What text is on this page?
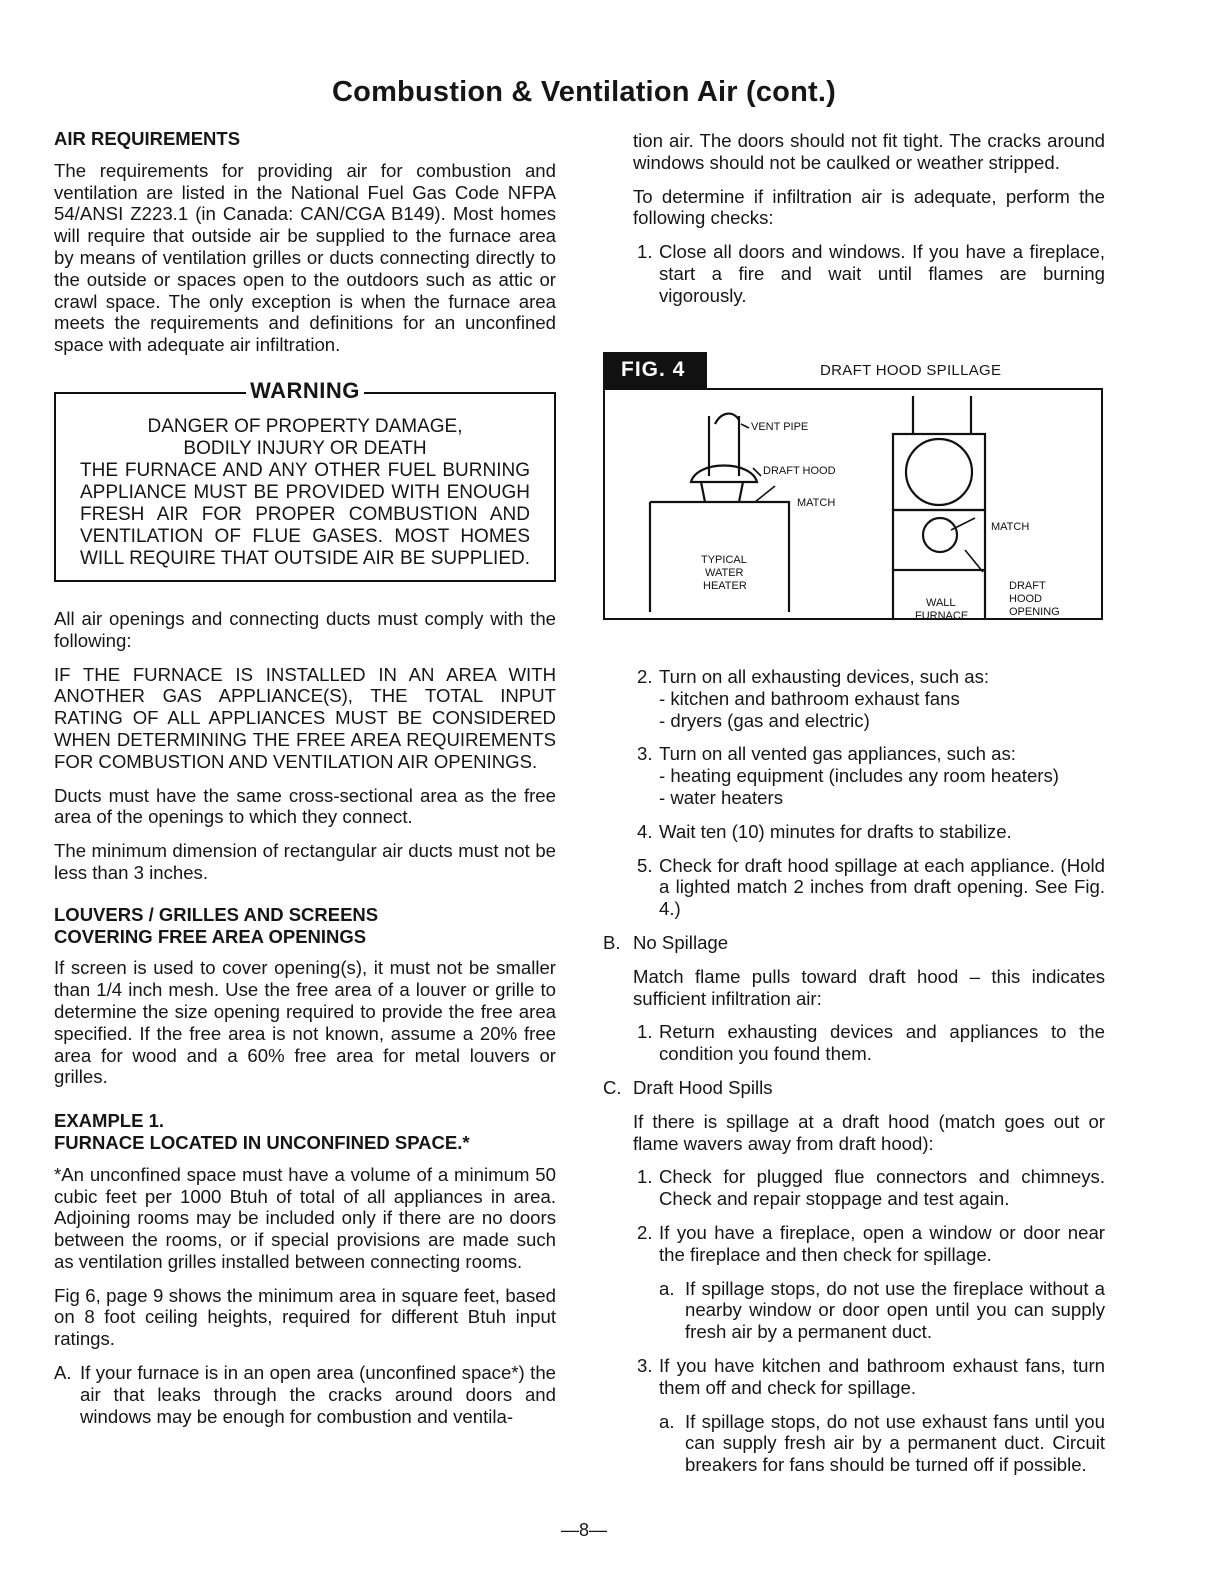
Combustion & Ventilation Air (cont.)
AIR REQUIREMENTS

The requirements for providing air for combustion and ventilation are listed in the National Fuel Gas Code NFPA 54/ANSI Z223.1 (in Canada: CAN/CGA B149). Most homes will require that outside air be supplied to the furnace area by means of ventilation grilles or ducts connecting directly to the outside or spaces open to the outdoors such as attic or crawl space. The only exception is when the furnace area meets the requirements and definitions for an unconfined space with adequate air infiltration.

WARNING
DANGER OF PROPERTY DAMAGE,
BODILY INJURY OR DEATH
THE FURNACE AND ANY OTHER FUEL BURNING
APPLIANCE MUST BE PROVIDED WITH ENOUGH
FRESH AIR FOR PROPER COMBUSTION AND
VENTILATION OF FLUE GASES. MOST HOMES
WILL REQUIRE THAT OUTSIDE AIR BE SUPPLIED.

All air openings and connecting ducts must comply with the following:

IF THE FURNACE IS INSTALLED IN AN AREA WITH ANOTHER GAS APPLIANCE(S), THE TOTAL INPUT RATING OF ALL APPLIANCES MUST BE CONSIDERED WHEN DETERMINING THE FREE AREA REQUIREMENTS FOR COMBUSTION AND VENTILATION AIR OPENINGS.

Ducts must have the same cross-sectional area as the free area of the openings to which they connect.

The minimum dimension of rectangular air ducts must not be less than 3 inches.

LOUVERS / GRILLES AND SCREENS
COVERING FREE AREA OPENINGS

If screen is used to cover opening(s), it must not be smaller than 1/4 inch mesh. Use the free area of a louver or grille to determine the size opening required to provide the free area specified. If the free area is not known, assume a 20% free area for wood and a 60% free area for metal louvers or grilles.

EXAMPLE 1.
FURNACE LOCATED IN UNCONFINED SPACE.*

*An unconfined space must have a volume of a minimum 50 cubic feet per 1000 Btuh of total of all appliances in area. Adjoining rooms may be included only if there are no doors between the rooms, or if special provisions are made such as ventilation grilles installed between connecting rooms.

Fig 6, page 9 shows the minimum area in square feet, based on 8 foot ceiling heights, required for different Btuh input ratings.

A. If your furnace is in an open area (unconfined space*) the air that leaks through the cracks around doors and windows may be enough for combustion and ventila-

tion air. The doors should not fit tight. The cracks around windows should not be caulked or weather stripped.

To determine if infiltration air is adequate, perform the following checks:

1. Close all doors and windows. If you have a fireplace, start a fire and wait until flames are burning vigorously.
FIG. 4	DRAFT HOOD SPILLAGE
VENT PIPE
DRAFT HOOD
MATCH
TYPICAL
WATER
HEATER
MATCH
DRAFT
HOOD
OPENING
WALL
FURNACE
2. Turn on all exhausting devices, such as:
- kitchen and bathroom exhaust fans
- dryers (gas and electric)
3. Turn on all vented gas appliances, such as:
- heating equipment (includes any room heaters)
- water heaters
4. Wait ten (10) minutes for drafts to stabilize.
5. Check for draft hood spillage at each appliance. (Hold a lighted match 2 inches from draft opening. See Fig. 4.)
B. No Spillage

Match flame pulls toward draft hood – this indicates sufficient infiltration air:

1. Return exhausting devices and appliances to the condition you found them.
C. Draft Hood Spills

If there is spillage at a draft hood (match goes out or flame wavers away from draft hood):

1. Check for plugged flue connectors and chimneys. Check and repair stoppage and test again.
2. If you have a fireplace, open a window or door near the fireplace and then check for spillage.
a. If spillage stops, do not use the fireplace without a nearby window or door open until you can supply fresh air by a permanent duct.
3. If you have kitchen and bathroom exhaust fans, turn them off and check for spillage.
a. If spillage stops, do not use exhaust fans until you can supply fresh air by a permanent duct. Circuit breakers for fans should be turned off if possible.
—8—
